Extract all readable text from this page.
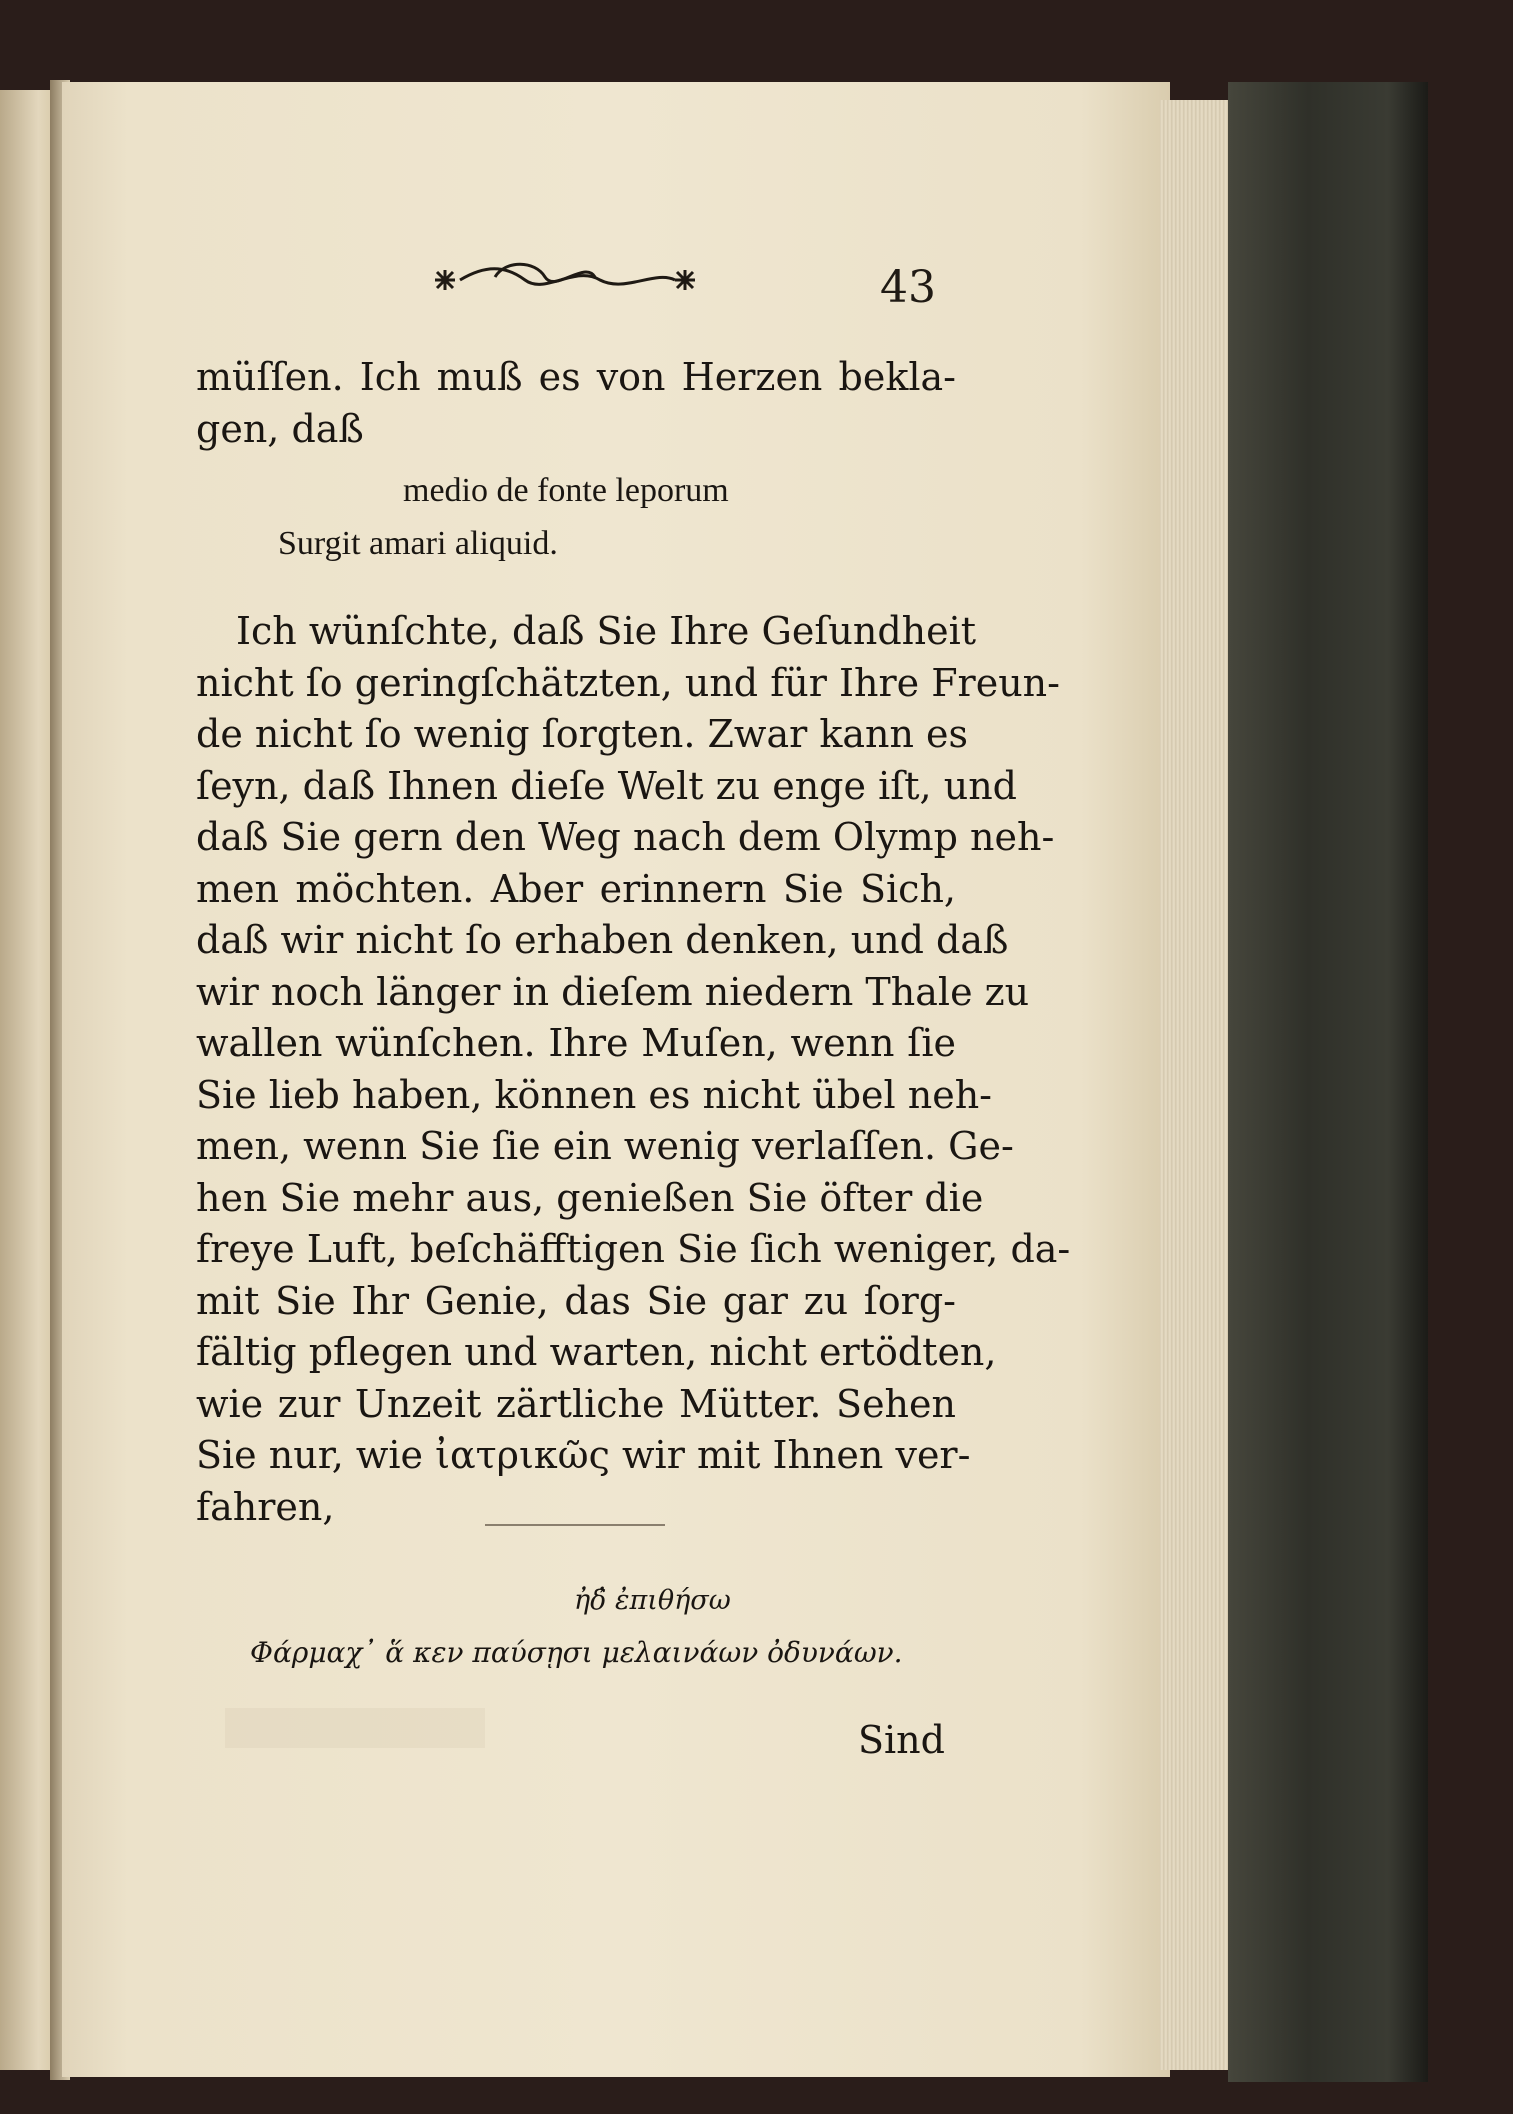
43
müſſen. Ich muß es von Herzen bekla-
gen, daß
medio de fonte leporum
Surgit amari aliquid.
Ich wünſchte, daß Sie Ihre Geſundheit
nicht ſo geringſchätzten, und für Ihre Freun-
de nicht ſo wenig ſorgten. Zwar kann es
ſeyn, daß Ihnen dieſe Welt zu enge iſt, und
daß Sie gern den Weg nach dem Olymp neh-
men möchten. Aber erinnern Sie Sich,
daß wir nicht ſo erhaben denken, und daß
wir noch länger in dieſem niedern Thale zu
wallen wünſchen. Ihre Muſen, wenn ſie
Sie lieb haben, können es nicht übel neh-
men, wenn Sie ſie ein wenig verlaſſen. Ge-
hen Sie mehr aus, genießen Sie öfter die
freye Luft, beſchäfftigen Sie ſich weniger, da-
mit Sie Ihr Genie, das Sie gar zu ſorg-
fältig pflegen und warten, nicht ertödten,
wie zur Unzeit zärtliche Mütter. Sehen
Sie nur, wie ἰατρικῶς wir mit Ihnen ver-
fahren,
ἠδ̓ ἐπιθήσω
Φάρμαχ᾽ ἅ κεν παύσῃσι μελαινάων ὀδυνάων.
Sind
